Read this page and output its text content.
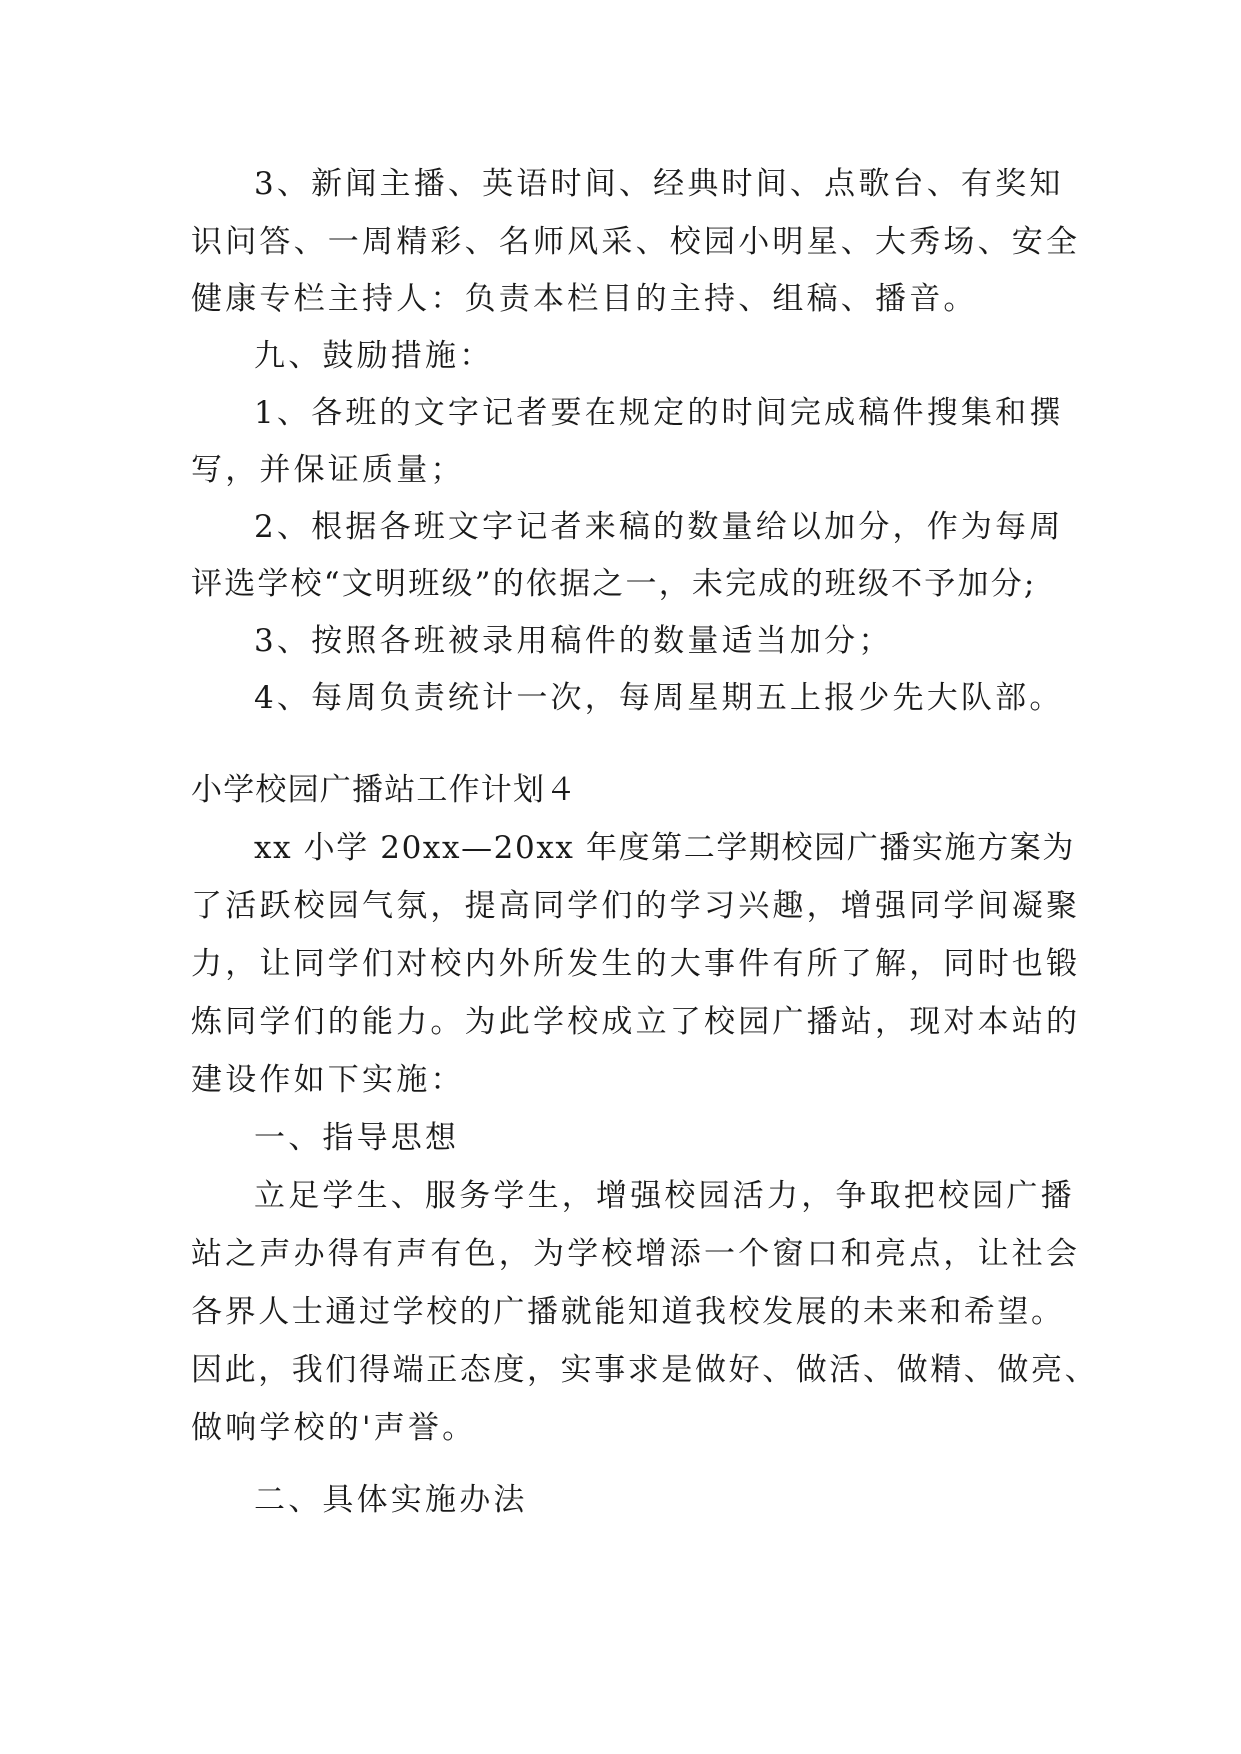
3、新闻主播、英语时间、经典时间、点歌台、有奖知
识问答、一周精彩、名师风采、校园小明星、大秀场、安全
健康专栏主持人：负责本栏目的主持、组稿、播音。
九、鼓励措施：
1、各班的文字记者要在规定的时间完成稿件搜集和撰
写，并保证质量；
2、根据各班文字记者来稿的数量给以加分，作为每周
评选学校“文明班级”的依据之一，未完成的班级不予加分;
3、按照各班被录用稿件的数量适当加分；
4、每周负责统计一次，每周星期五上报少先大队部。
小学校园广播站工作计划４
xx 小学 20xx—20xx 年度第二学期校园广播实施方案为
了活跃校园气氛，提高同学们的学习兴趣，增强同学间凝聚
力，让同学们对校内外所发生的大事件有所了解，同时也锻
炼同学们的能力。为此学校成立了校园广播站，现对本站的
建设作如下实施：
一、指导思想
立足学生、服务学生，增强校园活力，争取把校园广播
站之声办得有声有色，为学校增添一个窗口和亮点，让社会
各界人士通过学校的广播就能知道我校发展的未来和希望。
因此，我们得端正态度，实事求是做好、做活、做精、做亮、
做响学校的'声誉。
二、具体实施办法
